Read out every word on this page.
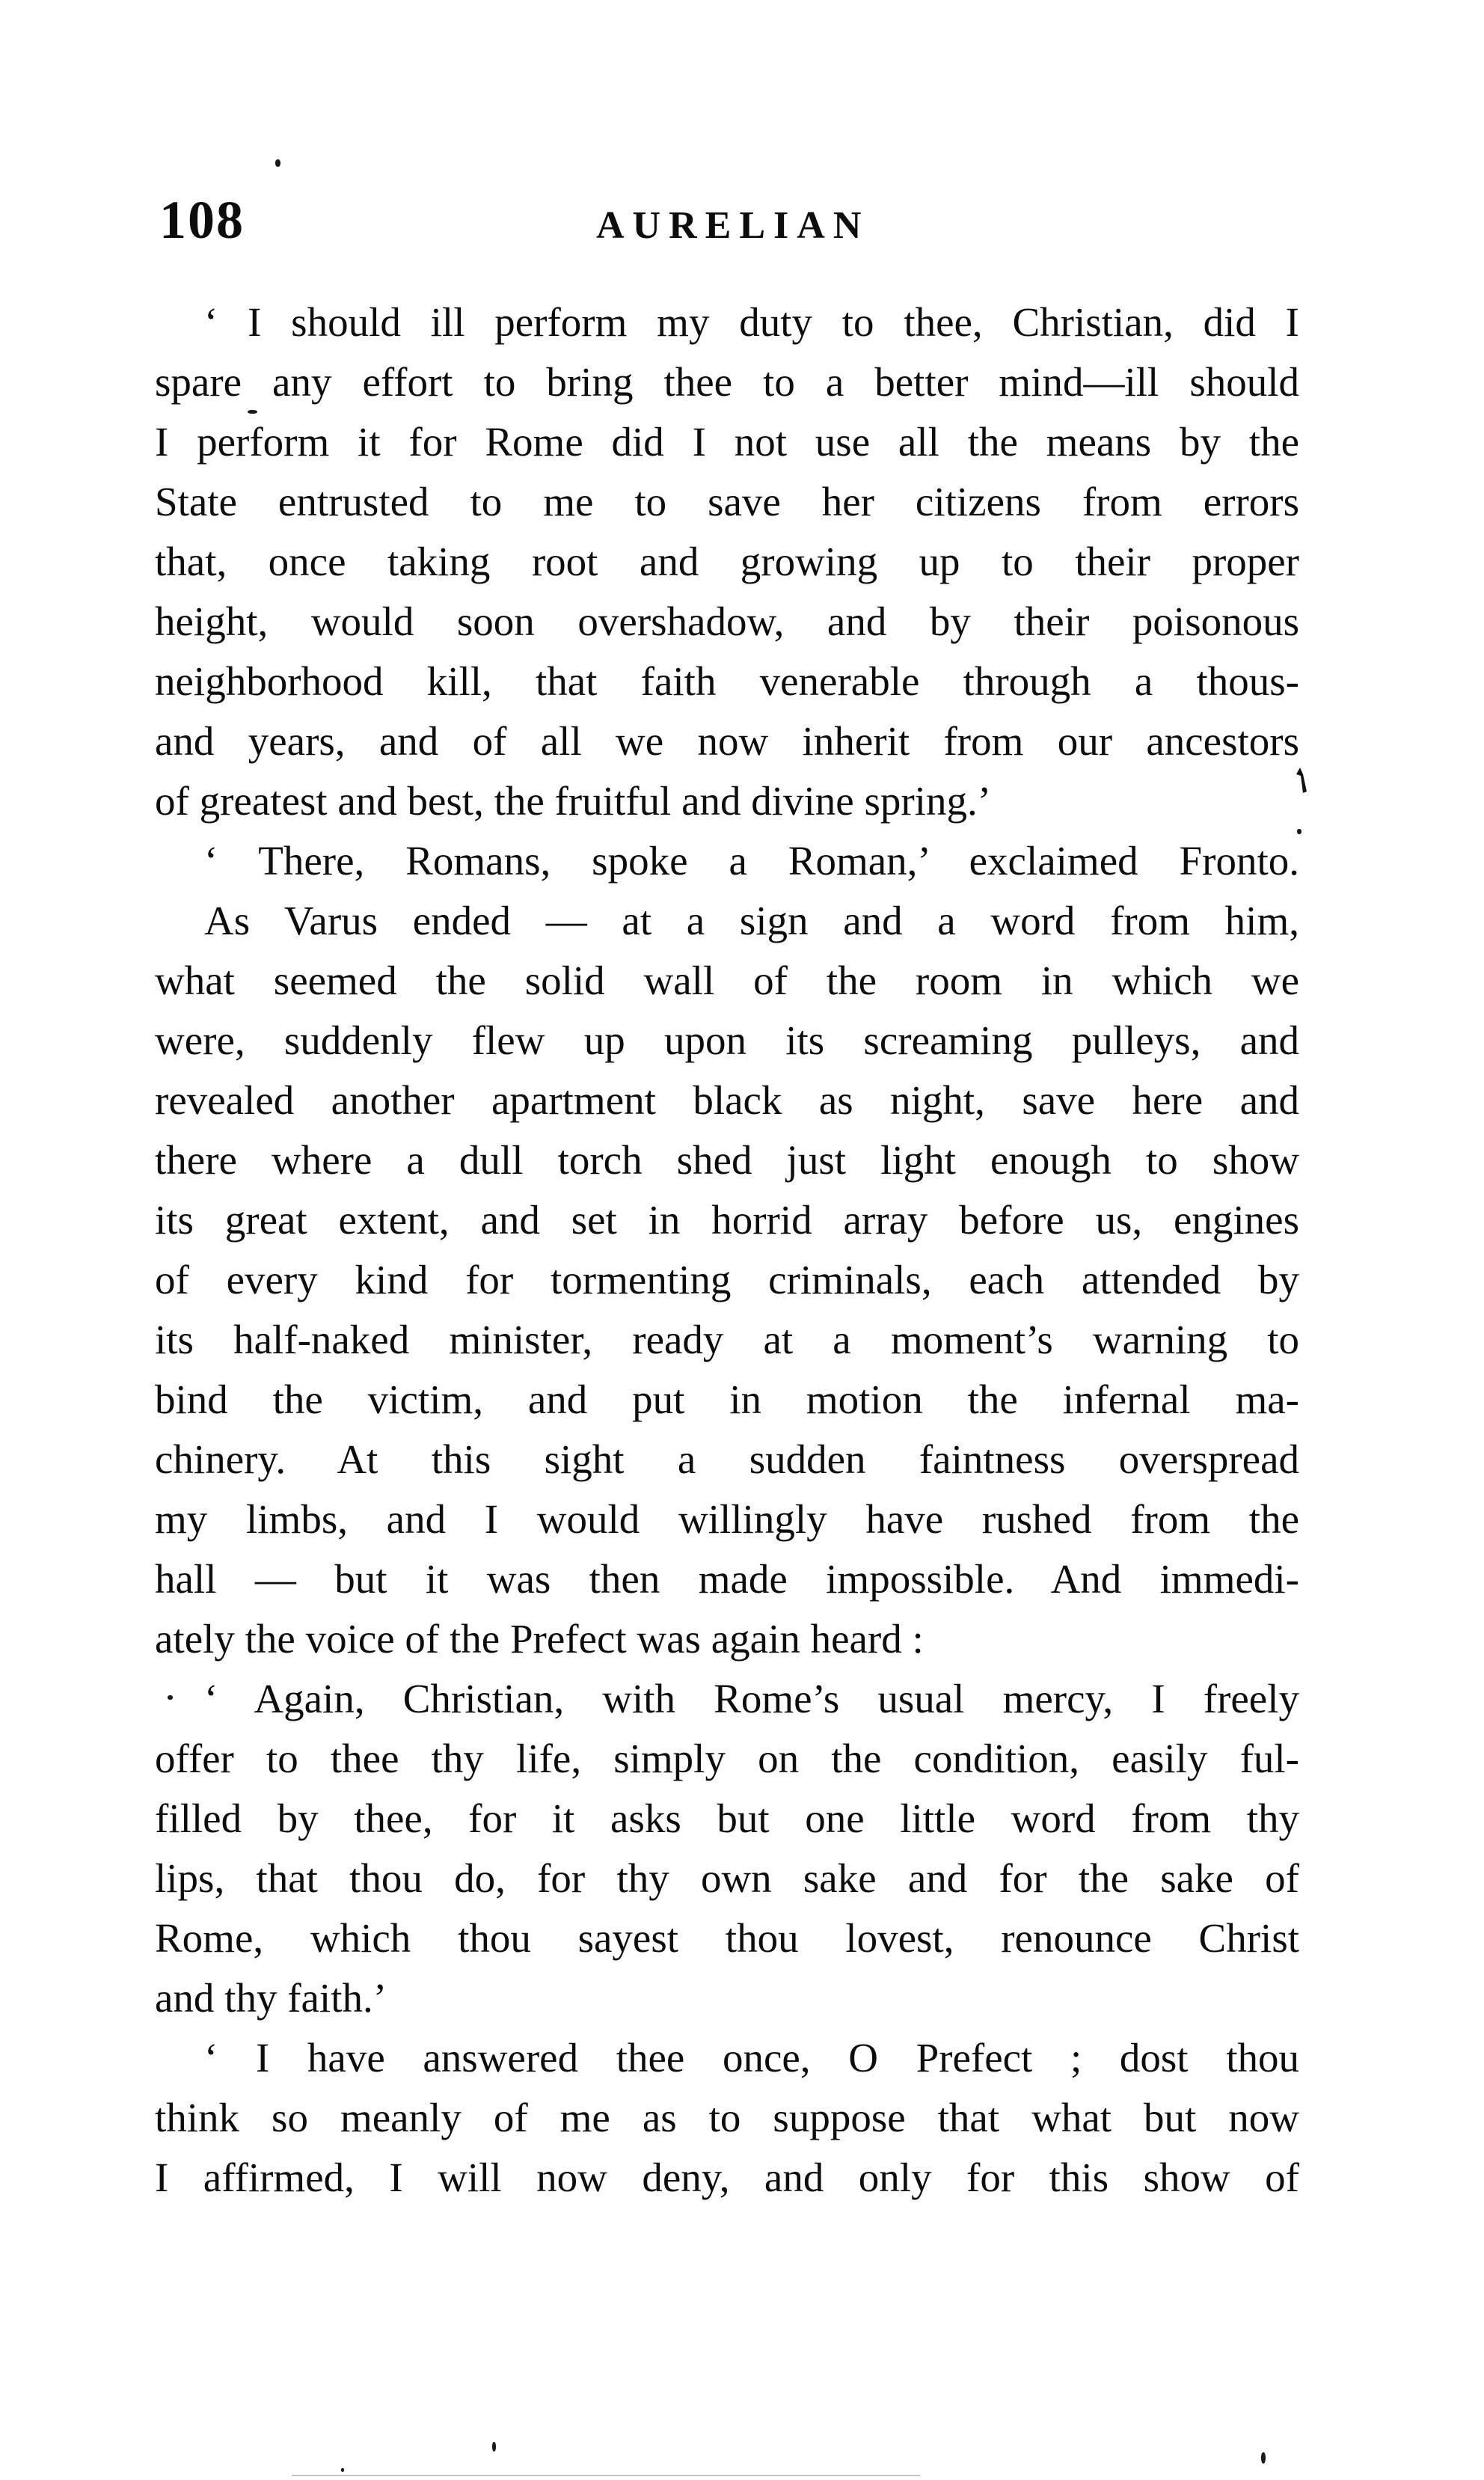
108	AURELIAN
‘ I should ill perform my duty to thee, Christian, did I
spare any effort to bring thee to a better mind—ill should
I perform it for Rome did I not use all the means by the
State entrusted to me to save her citizens from errors
that, once taking root and growing up to their proper
height, would soon overshadow, and by their poisonous
neighborhood kill, that faith venerable through a thous-
and years, and of all we now inherit from our ancestors
of greatest and best, the fruitful and divine spring.’
‘ There, Romans, spoke a Roman,’ exclaimed Fronto.
As Varus ended — at a sign and a word from him,
what seemed the solid wall of the room in which we
were, suddenly flew up upon its screaming pulleys, and
revealed another apartment black as night, save here and
there where a dull torch shed just light enough to show
its great extent, and set in horrid array before us, engines
of every kind for tormenting criminals, each attended by
its half-naked minister, ready at a moment’s warning to
bind the victim, and put in motion the infernal ma-
chinery. At this sight a sudden faintness overspread
my limbs, and I would willingly have rushed from the
hall — but it was then made impossible. And immedi-
ately the voice of the Prefect was again heard :
‘ Again, Christian, with Rome’s usual mercy, I freely
offer to thee thy life, simply on the condition, easily ful-
filled by thee, for it asks but one little word from thy
lips, that thou do, for thy own sake and for the sake of
Rome, which thou sayest thou lovest, renounce Christ
and thy faith.’
‘ I have answered thee once, O Prefect ; dost thou
think so meanly of me as to suppose that what but now
I affirmed, I will now deny, and only for this show of
